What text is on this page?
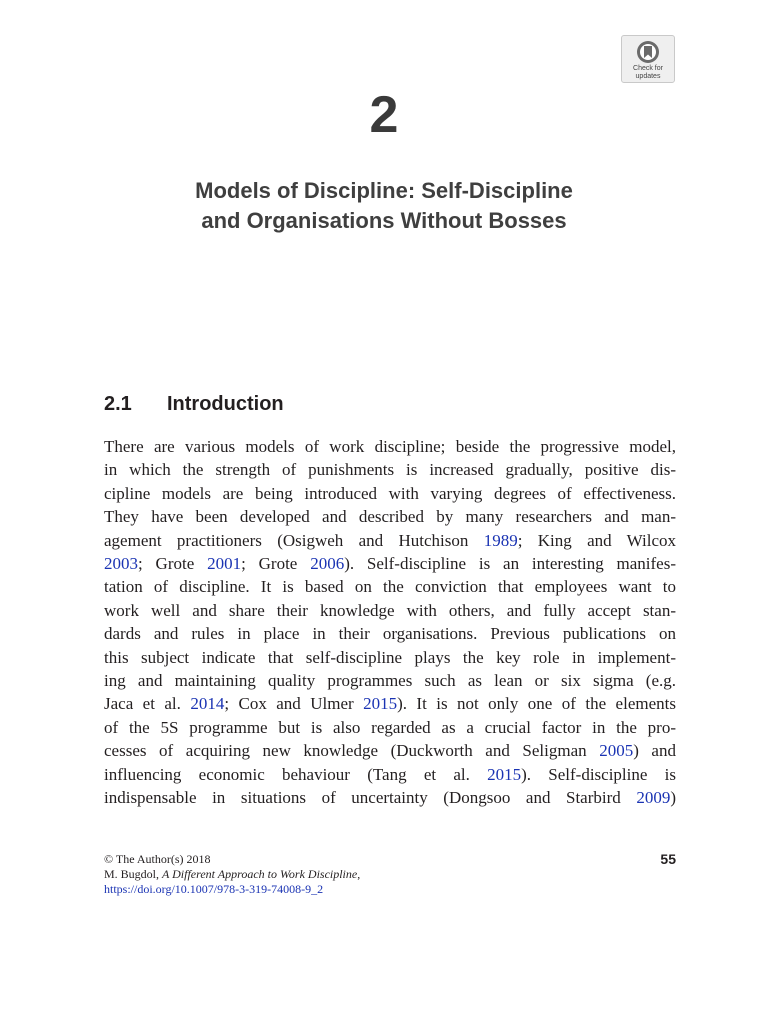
Check for
updates
2
Models of Discipline: Self-Discipline
and Organisations Without Bosses
2.1 Introduction
There are various models of work discipline; beside the progressive model,
in which the strength of punishments is increased gradually, positive dis-
cipline models are being introduced with varying degrees of effectiveness.
They have been developed and described by many researchers and man-
agement practitioners (Osigweh and Hutchison 1989; King and Wilcox
2003; Grote 2001; Grote 2006). Self-discipline is an interesting manifes-
tation of discipline. It is based on the conviction that employees want to
work well and share their knowledge with others, and fully accept stan-
dards and rules in place in their organisations. Previous publications on
this subject indicate that self-discipline plays the key role in implement-
ing and maintaining quality programmes such as lean or six sigma (e.g.
Jaca et al. 2014; Cox and Ulmer 2015). It is not only one of the elements
of the 5S programme but is also regarded as a crucial factor in the pro-
cesses of acquiring new knowledge (Duckworth and Seligman 2005) and
influencing economic behaviour (Tang et al. 2015). Self-discipline is
indispensable in situations of uncertainty (Dongsoo and Starbird 2009)
© The Author(s) 2018
M. Bugdol, A Different Approach to Work Discipline,
https://doi.org/10.1007/978-3-319-74008-9_2
55
